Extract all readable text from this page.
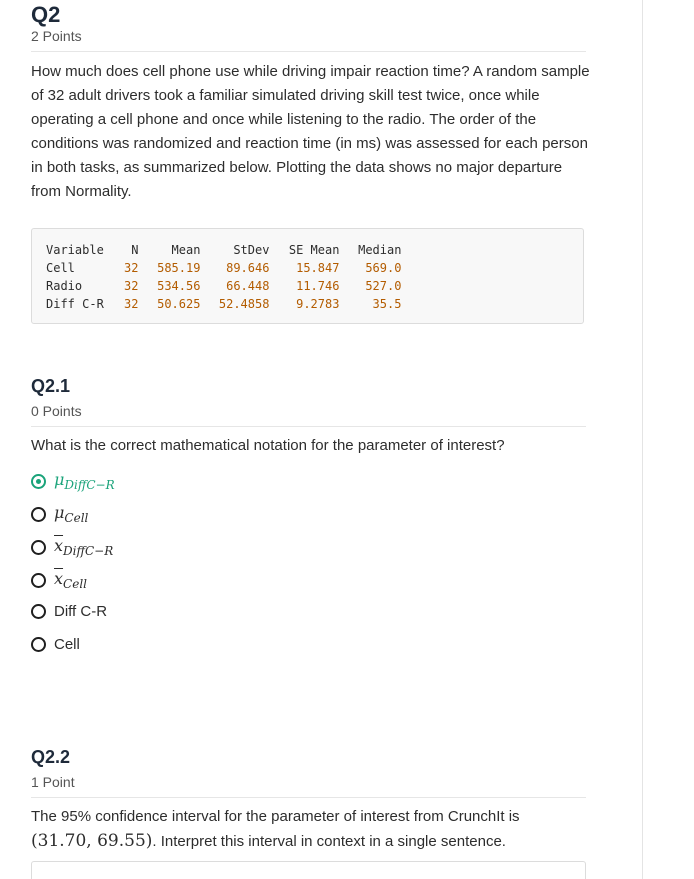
Q2

2 Points

How much does cell phone use while driving impair reaction time? A random sample of 32 adult drivers took a familiar simulated driving skill test twice, once while operating a cell phone and once while listening to the radio. The order of the conditions was randomized and reaction time (in ms) was assessed for each person in both tasks, as summarized below. Plotting the data shows no major departure from Normality.

Variable	N	Mean	StDev	SE Mean	Median
Cell	32	585.19	89.646	15.847	569.0
Radio	32	534.56	66.448	11.746	527.0
Diff C-R	32	50.625	52.4858	9.2783	35.5
Q2.1

0 Points

What is the correct mathematical notation for the parameter of interest?

$\mu_{DiffC-R}$
$\mu_{Cell}$
$\overline{x}_{DiffC-R}$
$\overline{x}_{Cell}$
Diff C-R
Cell
Q2.2

1 Point

The 95% confidence interval for the parameter of interest from CrunchIt is
(31.70, 69.55). Interpret this interval in context in a single sentence.
